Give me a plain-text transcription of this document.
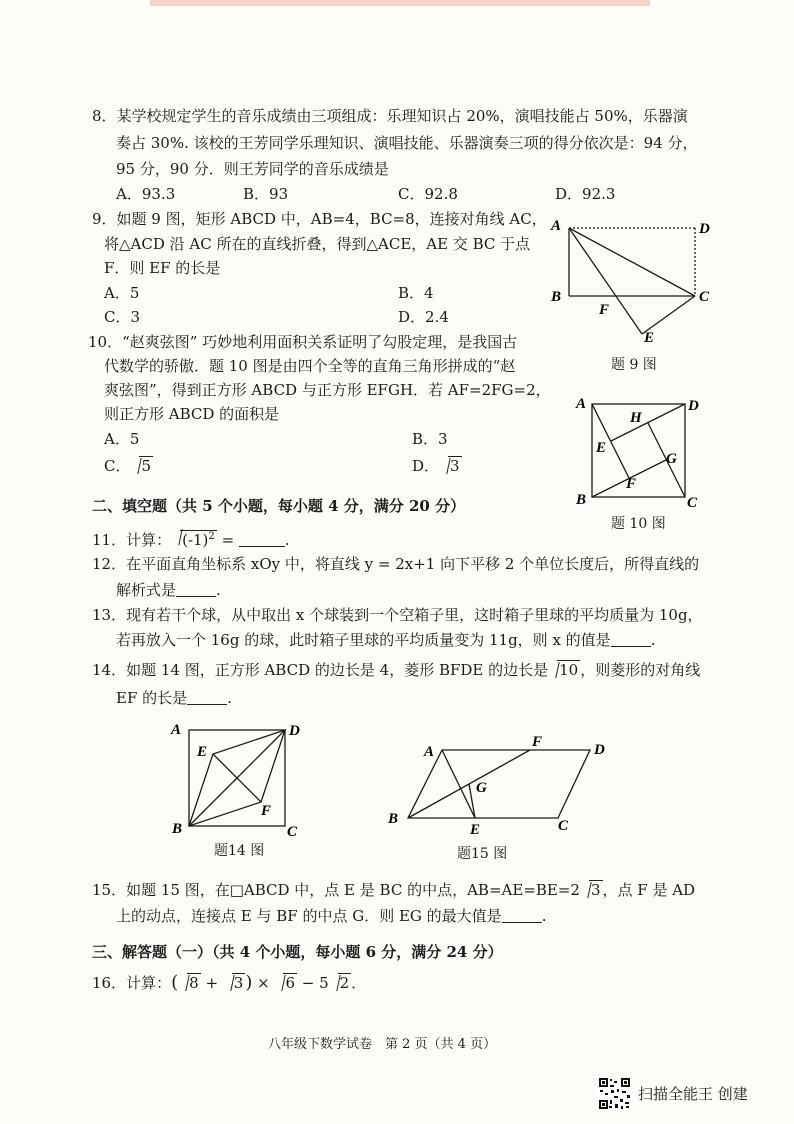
8．某学校规定学生的音乐成绩由三项组成：乐理知识占 20%，演唱技能占 50%，乐器演
奏占 30%. 该校的王芳同学乐理知识、演唱技能、乐器演奏三项的得分依次是：94 分，
95 分，90 分．则王芳同学的音乐成绩是
A．93.3	B．93	C．92.8	D．92.3
9．如题 9 图，矩形 ABCD 中，AB=4，BC=8，连接对角线 AC，
将△ACD 沿 AC 所在的直线折叠，得到△ACE，AE 交 BC 于点
F．则 EF 的长是
A．5	B．4
C．3	D．2.4
A	D
B
F
C
E
题 9 图
10．“赵爽弦图” 巧妙地利用面积关系证明了勾股定理，是我国古
代数学的骄傲．题 10 图是由四个全等的直角三角形拼成的“赵
爽弦图”，得到正方形 ABCD 与正方形 EFGH．若 AF=2FG=2，
则正方形 ABCD 的面积是
A．5	B．3
C． 5	D． 3
A	D
H
E
G
F
B	C
题 10 图
二、填空题（共 5 个小题，每小题 4 分，满分 20 分）
11．计算： $(-1)^2$ =	.
12．在平面直角坐标系 xOy 中，将直线 y = 2x+1 向下平移 2 个单位长度后，所得直线的
解析式是	.
13．现有若干个球，从中取出 x 个球装到一个空箱子里，这时箱子里球的平均质量为 10g，
若再放入一个 16g 的球，此时箱子里球的平均质量变为 11g，则 x 的值是	.
14．如题 14 图，正方形 ABCD 的边长是 4，菱形 BFDE 的边长是 10 ，则菱形的对角线
EF 的长是	.
A	D
E
F
B	C
题14 图
A
F	D
G
B
E	C
题15 图
15．如题 15 图，在□ABCD 中，点 E 是 BC 的中点，AB=AE=BE=2 3 ，点 F 是 AD
上的动点，连接点 E 与 BF 的中点 G．则 EG 的最大值是	.
三、解答题（一）（共 4 个小题，每小题 6 分，满分 24 分）
16．计算：( 8 + 3 ) × 6 − 5 2 ．
八年级下数学试卷　第 2 页（共 4 页）
扫描全能王 创建
